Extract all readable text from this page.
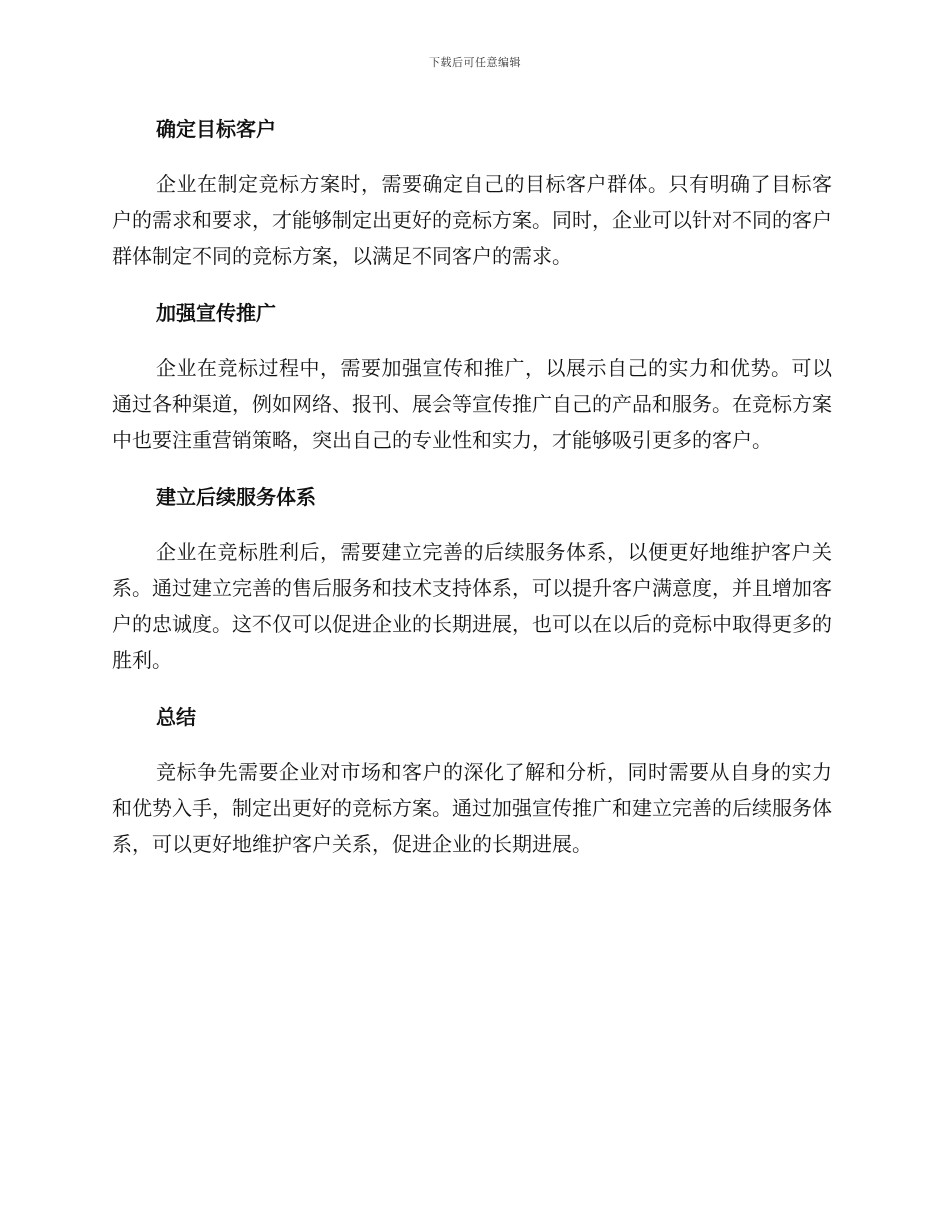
下载后可任意编辑
确定目标客户

企业在制定竞标方案时，需要确定自己的目标客户群体。只有明确了目标客户的需求和要求，才能够制定出更好的竞标方案。同时，企业可以针对不同的客户群体制定不同的竞标方案，以满足不同客户的需求。

加强宣传推广

企业在竞标过程中，需要加强宣传和推广，以展示自己的实力和优势。可以通过各种渠道，例如网络、报刊、展会等宣传推广自己的产品和服务。在竞标方案中也要注重营销策略，突出自己的专业性和实力，才能够吸引更多的客户。

建立后续服务体系

企业在竞标胜利后，需要建立完善的后续服务体系，以便更好地维护客户关系。通过建立完善的售后服务和技术支持体系，可以提升客户满意度，并且增加客户的忠诚度。这不仅可以促进企业的长期进展，也可以在以后的竞标中取得更多的胜利。

总结

竞标争先需要企业对市场和客户的深化了解和分析，同时需要从自身的实力和优势入手，制定出更好的竞标方案。通过加强宣传推广和建立完善的后续服务体系，可以更好地维护客户关系，促进企业的长期进展。
